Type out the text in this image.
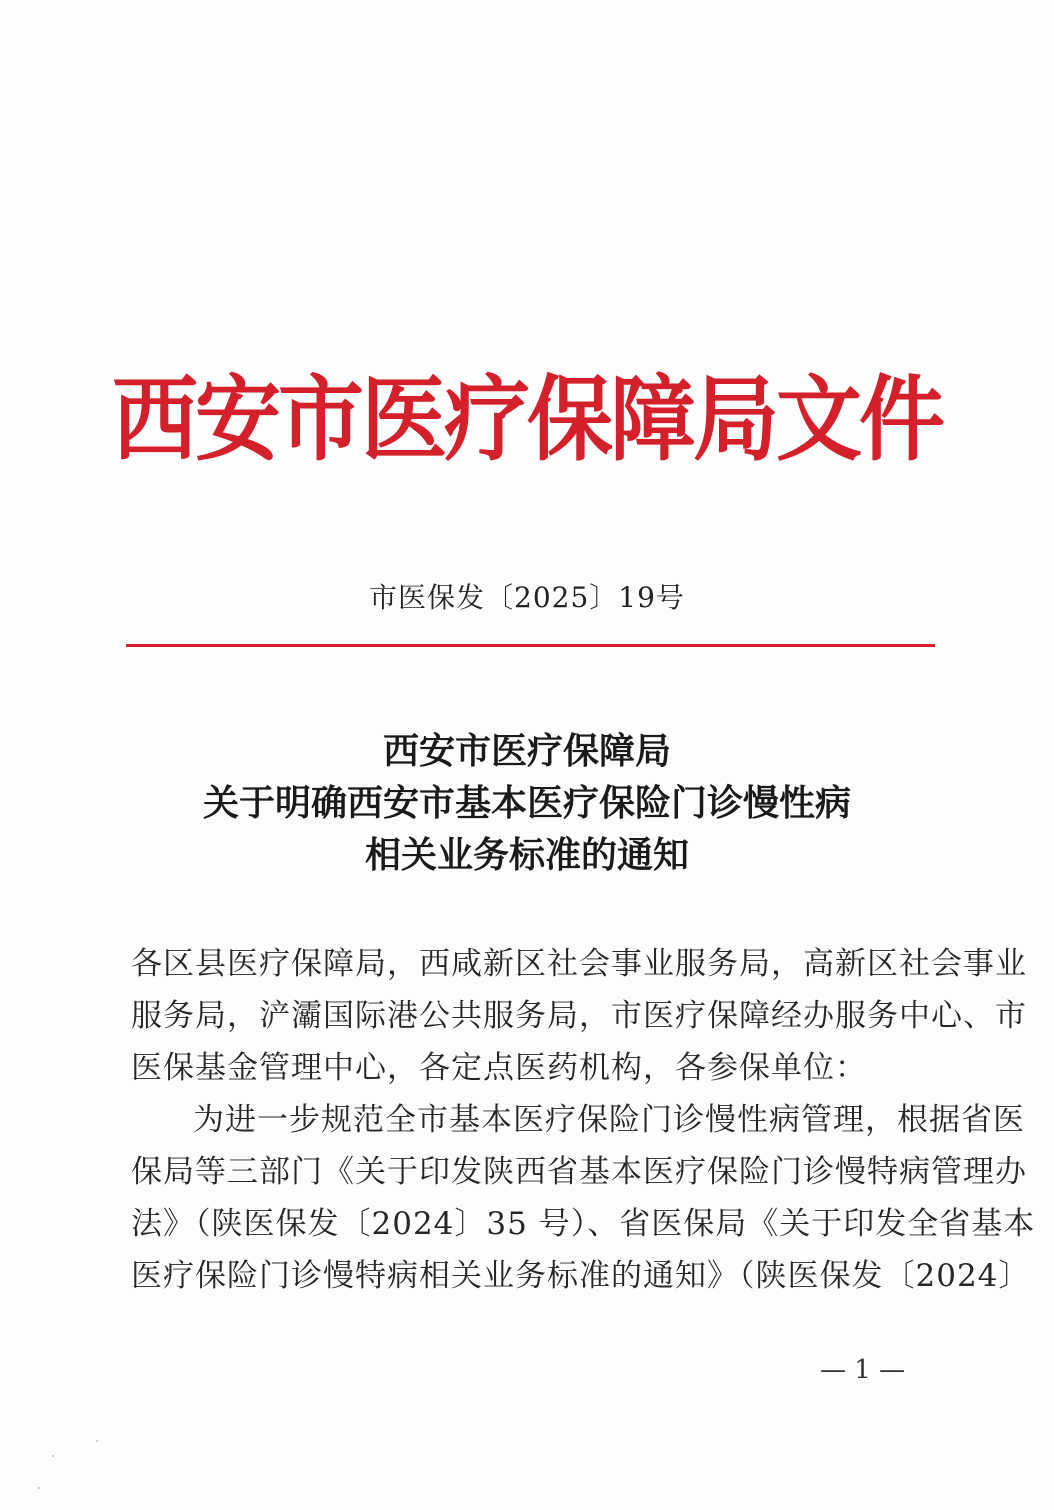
西安市医疗保障局文件
市医保发〔2025〕19号
西安市医疗保障局
关于明确西安市基本医疗保险门诊慢性病
相关业务标准的通知
各区县医疗保障局，西咸新区社会事业服务局，高新区社会事业
服务局，浐灞国际港公共服务局，市医疗保障经办服务中心、市
医保基金管理中心，各定点医药机构，各参保单位：
为进一步规范全市基本医疗保险门诊慢性病管理，根据省医
保局等三部门《关于印发陕西省基本医疗保险门诊慢特病管理办
法》（陕医保发〔2024〕35 号）、省医保局《关于印发全省基本
医疗保险门诊慢特病相关业务标准的通知》（陕医保发〔2024〕
— 1 —
